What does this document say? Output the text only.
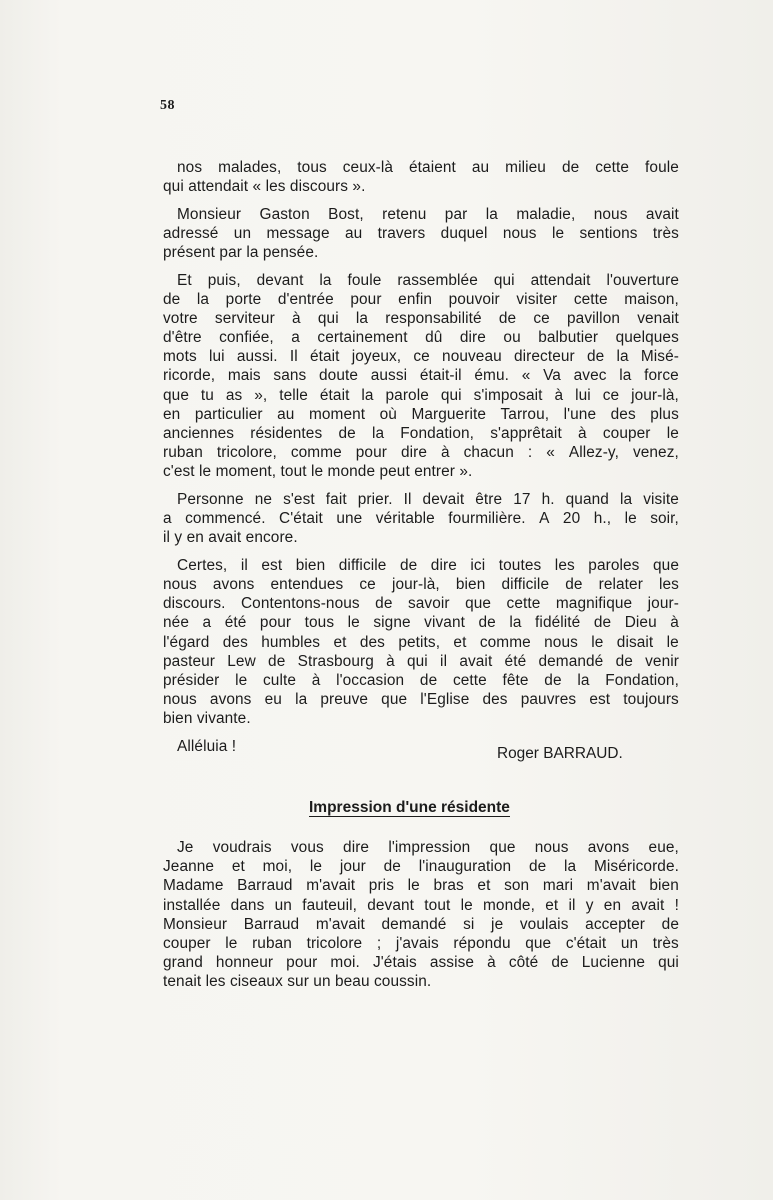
58
nos malades, tous ceux-là étaient au milieu de cette foule
qui attendait « les discours ».
Monsieur Gaston Bost, retenu par la maladie, nous avait
adressé un message au travers duquel nous le sentions très
présent par la pensée.
Et puis, devant la foule rassemblée qui attendait l'ouverture
de la porte d'entrée pour enfin pouvoir visiter cette maison,
votre serviteur à qui la responsabilité de ce pavillon venait
d'être confiée, a certainement dû dire ou balbutier quelques
mots lui aussi. Il était joyeux, ce nouveau directeur de la Misé-
ricorde, mais sans doute aussi était-il ému. « Va avec la force
que tu as », telle était la parole qui s'imposait à lui ce jour-là,
en particulier au moment où Marguerite Tarrou, l'une des plus
anciennes résidentes de la Fondation, s'apprêtait à couper le
ruban tricolore, comme pour dire à chacun : « Allez-y, venez,
c'est le moment, tout le monde peut entrer ».
Personne ne s'est fait prier. Il devait être 17 h. quand la visite
a commencé. C'était une véritable fourmilière. A 20 h., le soir,
il y en avait encore.
Certes, il est bien difficile de dire ici toutes les paroles que
nous avons entendues ce jour-là, bien difficile de relater les
discours. Contentons-nous de savoir que cette magnifique jour-
née a été pour tous le signe vivant de la fidélité de Dieu à
l'égard des humbles et des petits, et comme nous le disait le
pasteur Lew de Strasbourg à qui il avait été demandé de venir
présider le culte à l'occasion de cette fête de la Fondation,
nous avons eu la preuve que l'Eglise des pauvres est toujours
bien vivante.
Alléluia !	Roger BARRAUD.
Impression d'une résidente
Je voudrais vous dire l'impression que nous avons eue,
Jeanne et moi, le jour de l'inauguration de la Miséricorde.
Madame Barraud m'avait pris le bras et son mari m'avait bien
installée dans un fauteuil, devant tout le monde, et il y en avait !
Monsieur Barraud m'avait demandé si je voulais accepter de
couper le ruban tricolore ; j'avais répondu que c'était un très
grand honneur pour moi. J'étais assise à côté de Lucienne qui
tenait les ciseaux sur un beau coussin.
